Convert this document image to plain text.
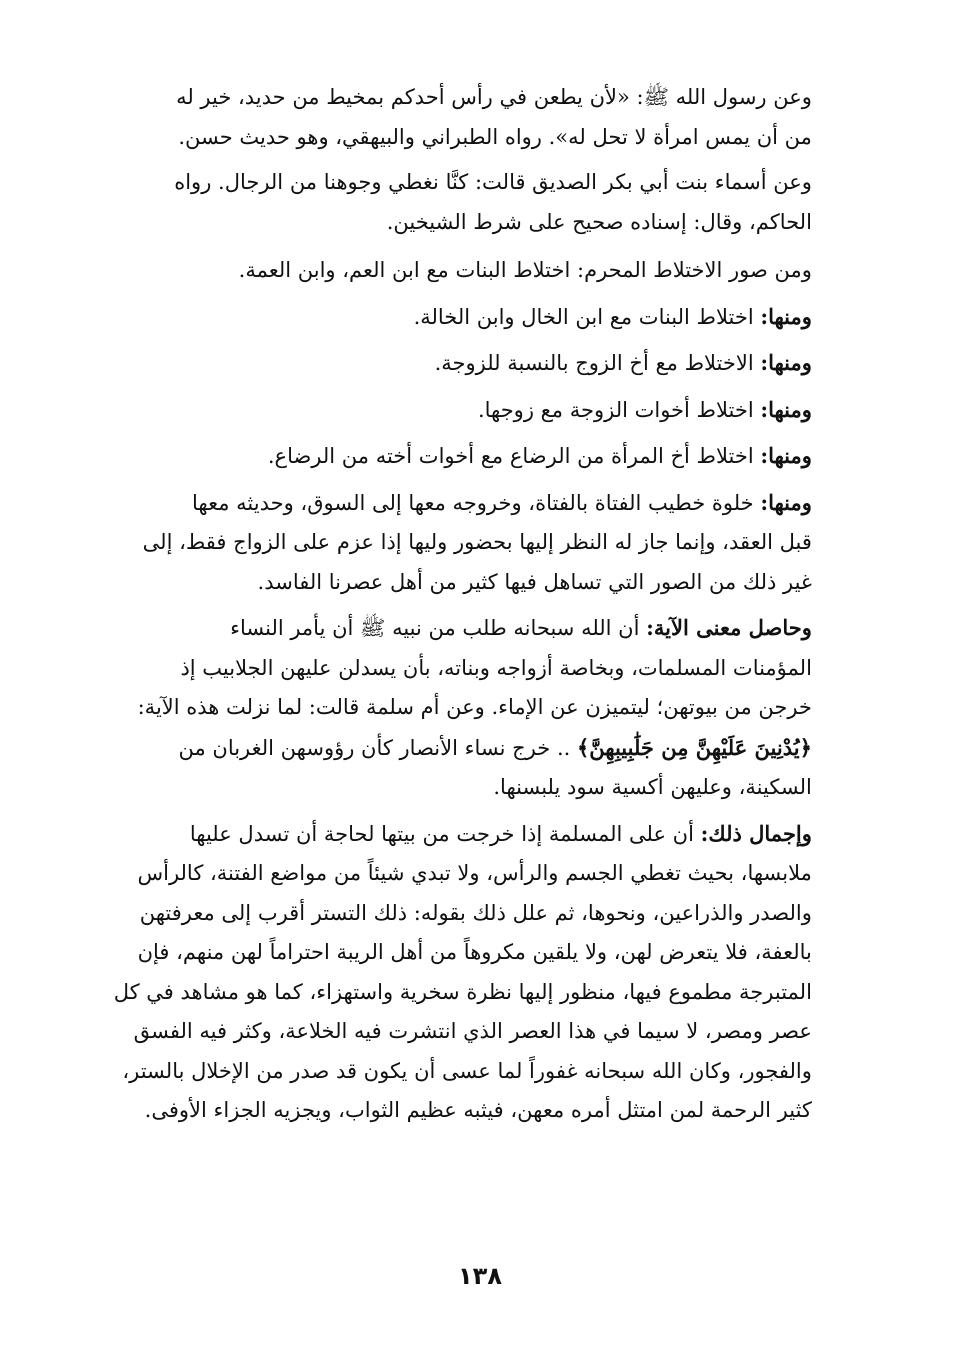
وعن رسول الله ﷺ: «لأن يطعن في رأس أحدكم بمخيط من حديد، خير له
من أن يمس امرأة لا تحل له». رواه الطبراني والبيهقي، وهو حديث حسن.

وعن أسماء بنت أبي بكر الصديق قالت: كنَّا نغطي وجوهنا من الرجال. رواه
الحاكم، وقال: إسناده صحيح على شرط الشيخين.

ومن صور الاختلاط المحرم: اختلاط البنات مع ابن العم، وابن العمة.

ومنها: اختلاط البنات مع ابن الخال وابن الخالة.

ومنها: الاختلاط مع أخ الزوج بالنسبة للزوجة.

ومنها: اختلاط أخوات الزوجة مع زوجها.

ومنها: اختلاط أخ المرأة من الرضاع مع أخوات أخته من الرضاع.

ومنها: خلوة خطيب الفتاة بالفتاة، وخروجه معها إلى السوق، وحديثه معها
قبل العقد، وإنما جاز له النظر إليها بحضور وليها إذا عزم على الزواج فقط، إلى
غير ذلك من الصور التي تساهل فيها كثير من أهل عصرنا الفاسد.

وحاصل معنى الآية: أن الله سبحانه طلب من نبيه ﷺ أن يأمر النساء
المؤمنات المسلمات، وبخاصة أزواجه وبناته، بأن يسدلن عليهن الجلابيب إذ
خرجن من بيوتهن؛ ليتميزن عن الإماء. وعن أم سلمة قالت: لما نزلت هذه الآية:
﴿يُدْنِينَ عَلَيْهِنَّ مِن جَلَٰبِيبِهِنَّ﴾ .. خرج نساء الأنصار كأن رؤوسهن الغربان من
السكينة، وعليهن أكسية سود يلبسنها.

وإجمال ذلك: أن على المسلمة إذا خرجت من بيتها لحاجة أن تسدل عليها
ملابسها، بحيث تغطي الجسم والرأس، ولا تبدي شيئاً من مواضع الفتنة، كالرأس
والصدر والذراعين، ونحوها، ثم علل ذلك بقوله: ذلك التستر أقرب إلى معرفتهن
بالعفة، فلا يتعرض لهن، ولا يلقين مكروهاً من أهل الريبة احتراماً لهن منهم، فإن
المتبرجة مطموع فيها، منظور إليها نظرة سخرية واستهزاء، كما هو مشاهد في كل
عصر ومصر، لا سيما في هذا العصر الذي انتشرت فيه الخلاعة، وكثر فيه الفسق
والفجور، وكان الله سبحانه غفوراً لما عسى أن يكون قد صدر من الإخلال بالستر،
كثير الرحمة لمن امتثل أمره معهن، فيثبه عظيم الثواب، ويجزيه الجزاء الأوفى.

١٣٨
